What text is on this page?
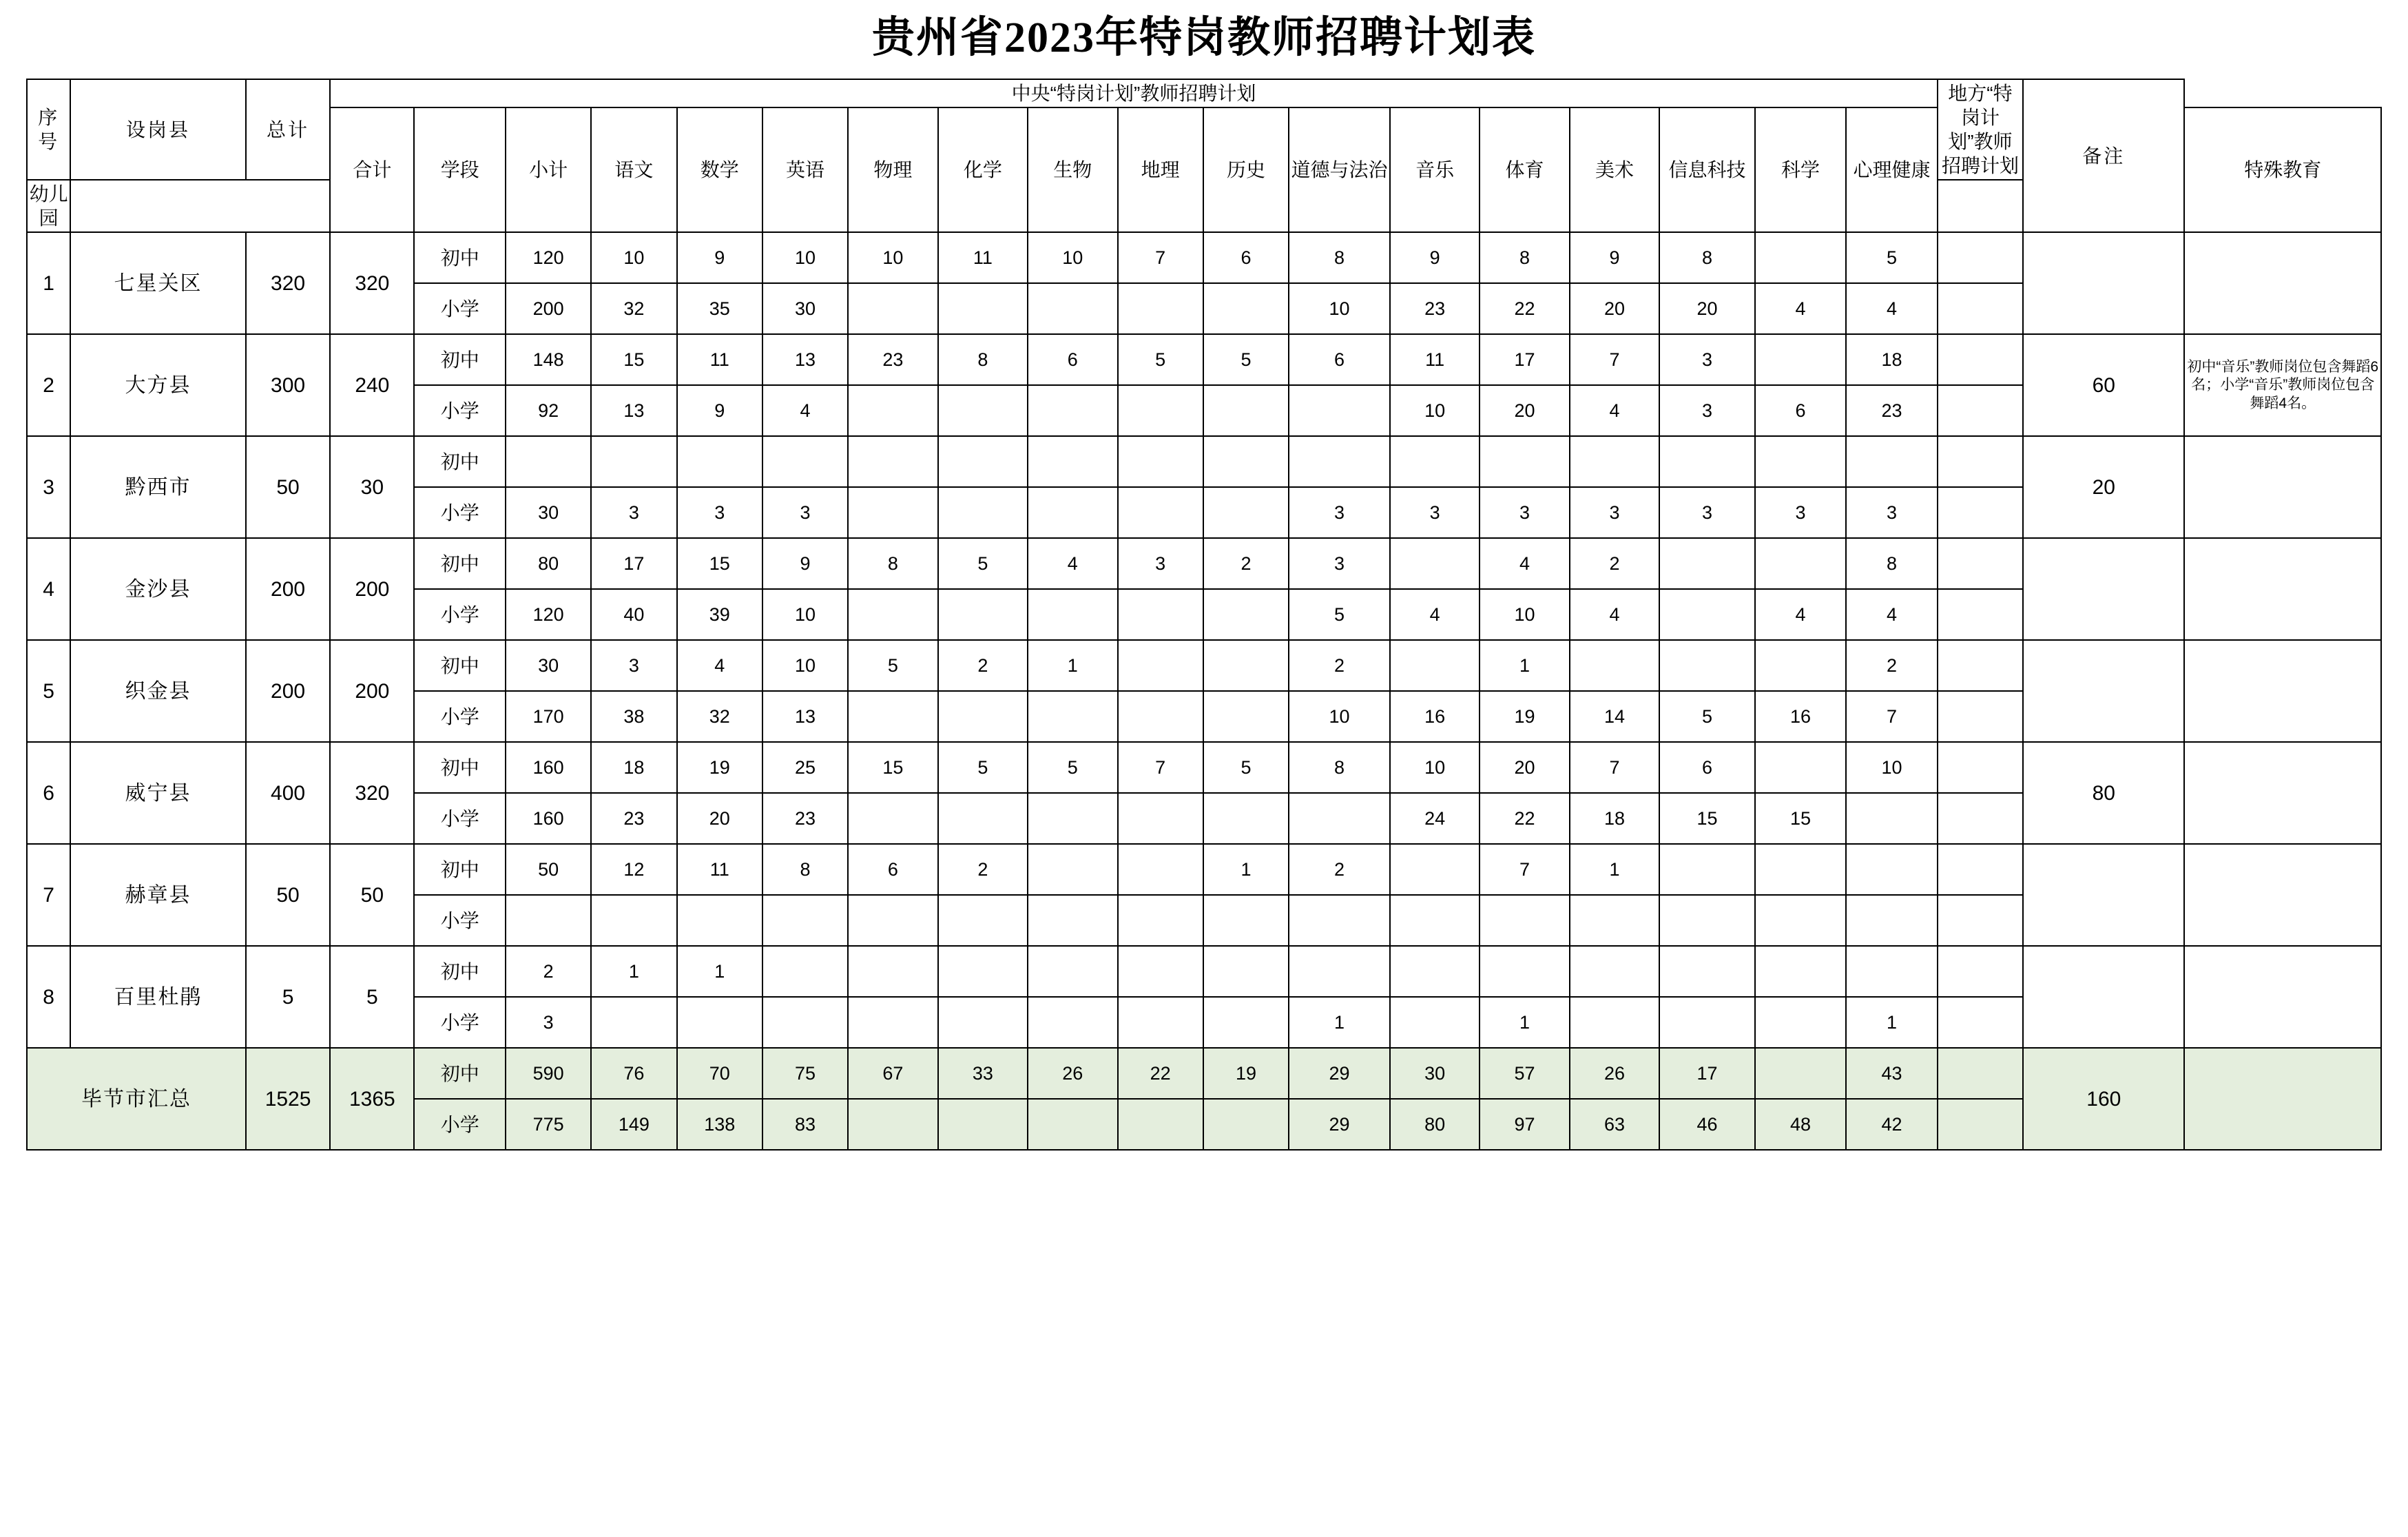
贵州省2023年特岗教师招聘计划表
序号	设岗县	总计	中央“特岗计划”教师招聘计划																		地方“特岗计划”教师招聘计划	备注	
			合计	学段	小计	语文	数学	英语	物理	化学	生物	地理	历史	道德与法治	音乐	体育	美术	信息科技	科学	心理健康			特殊教育
幼儿园																							
1	七星关区	320	320	初中	120	10	9	10	10	11	10	7	6	8	9	8	9	8		5			
				小学	200	32	35	30						10	23	22	20	20	4	4			
2	大方县	300	240	初中	148	15	11	13	23	8	6	5	5	6	11	17	7	3		18		60	初中“音乐”教师岗位包含舞蹈6名；小学“音乐”教师岗位包含舞蹈4名。
				小学	92	13	9	4							10	20	4	3	6	23			
3	黔西市	50	30	初中																		20	
				小学	30	3	3	3						3	3	3	3	3	3	3			
4	金沙县	200	200	初中	80	17	15	9	8	5	4	3	2	3		4	2			8			
				小学	120	40	39	10						5	4	10	4		4	4			
5	织金县	200	200	初中	30	3	4	10	5	2	1			2		1				2			
				小学	170	38	32	13						10	16	19	14	5	16	7			
6	威宁县	400	320	初中	160	18	19	25	15	5	5	7	5	8	10	20	7	6		10		80	
				小学	160	23	20	23							24	22	18	15	15				
7	赫章县	50	50	初中	50	12	11	8	6	2			1	2		7	1						
				小学																			
8	百里杜鹃	5	5	初中	2	1	1																
				小学	3									1		1				1			
毕节市汇总		1525	1365	初中	590	76	70	75	67	33	26	22	19	29	30	57	26	17		43		160	
				小学	775	149	138	83						29	80	97	63	46	48	42			
